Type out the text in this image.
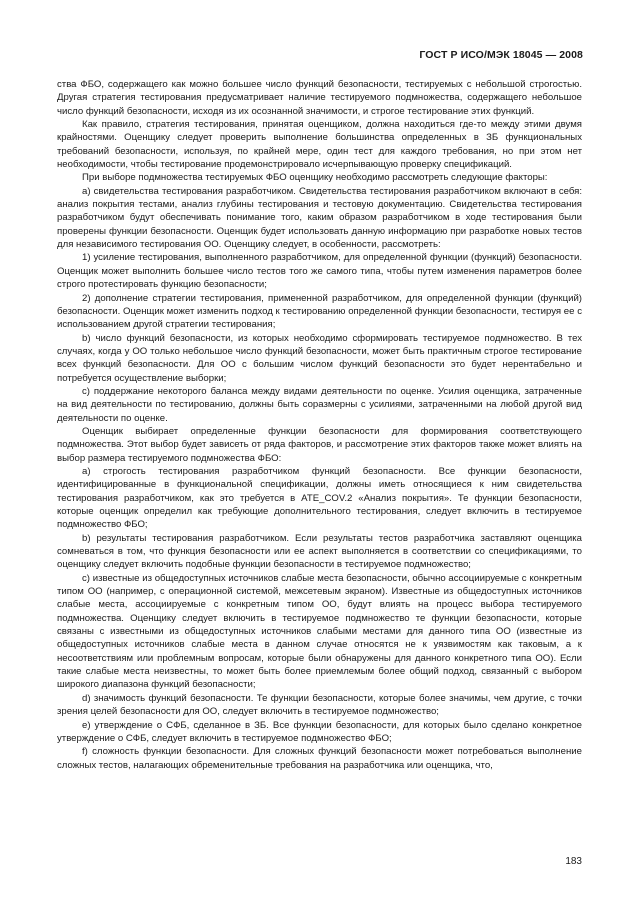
ГОСТ Р ИСО/МЭК 18045 — 2008

ства ФБО, содержащего как можно большее число функций безопасности, тестируемых с небольшой строгостью. Другая стратегия тестирования предусматривает наличие тестируемого подмножества, содержащего небольшое число функций безопасности, исходя из их осознанной значимости, и строгое тестирование этих функций.

Как правило, стратегия тестирования, принятая оценщиком, должна находиться где-то между этими двумя крайностями. Оценщику следует проверить выполнение большинства определенных в ЗБ функциональных требований безопасности, используя, по крайней мере, один тест для каждого требования, но при этом нет необходимости, чтобы тестирование продемонстрировало исчерпывающую проверку спецификаций.

При выборе подмножества тестируемых ФБО оценщику необходимо рассмотреть следующие факторы:

а) свидетельства тестирования разработчиком. Свидетельства тестирования разработчиком включают в себя: анализ покрытия тестами, анализ глубины тестирования и тестовую документацию. Свидетельства тестирования разработчиком будут обеспечивать понимание того, каким образом разработчиком в ходе тестирования были проверены функции безопасности. Оценщик будет использовать данную информацию при разработке новых тестов для независимого тестирования ОО. Оценщику следует, в особенности, рассмотреть:

1) усиление тестирования, выполненного разработчиком, для определенной функции (функций) безопасности. Оценщик может выполнить большее число тестов того же самого типа, чтобы путем изменения параметров более строго протестировать функцию безопасности;

2) дополнение стратегии тестирования, примененной разработчиком, для определенной функции (функций) безопасности. Оценщик может изменить подход к тестированию определенной функции безопасности, тестируя ее с использованием другой стратегии тестирования;

b) число функций безопасности, из которых необходимо сформировать тестируемое подмножество. В тех случаях, когда у ОО только небольшое число функций безопасности, может быть практичным строгое тестирование всех функций безопасности. Для ОО с большим числом функций безопасности это будет нерентабельно и потребуется осуществление выборки;

c) поддержание некоторого баланса между видами деятельности по оценке. Усилия оценщика, затраченные на вид деятельности по тестированию, должны быть соразмерны с усилиями, затраченными на любой другой вид деятельности по оценке.

Оценщик выбирает определенные функции безопасности для формирования соответствующего подмножества. Этот выбор будет зависеть от ряда факторов, и рассмотрение этих факторов также может влиять на выбор размера тестируемого подмножества ФБО:

а) строгость тестирования разработчиком функций безопасности. Все функции безопасности, идентифицированные в функциональной спецификации, должны иметь относящиеся к ним свидетельства тестирования разработчиком, как это требуется в ATE_COV.2 «Анализ покрытия». Те функции безопасности, которые оценщик определил как требующие дополнительного тестирования, следует включить в тестируемое подмножество ФБО;

b) результаты тестирования разработчиком. Если результаты тестов разработчика заставляют оценщика сомневаться в том, что функция безопасности или ее аспект выполняется в соответствии со спецификациями, то оценщику следует включить подобные функции безопасности в тестируемое подмножество;

c) известные из общедоступных источников слабые места безопасности, обычно ассоциируемые с конкретным типом ОО (например, с операционной системой, межсетевым экраном). Известные из общедоступных источников слабые места, ассоциируемые с конкретным типом ОО, будут влиять на процесс выбора тестируемого подмножества. Оценщику следует включить в тестируемое подмножество те функции безопасности, которые связаны с известными из общедоступных источников слабыми местами для данного типа ОО (известные из общедоступных источников слабые места в данном случае относятся не к уязвимостям как таковым, а к несоответствиям или проблемным вопросам, которые были обнаружены для данного конкретного типа ОО). Если такие слабые места неизвестны, то может быть более приемлемым более общий подход, связанный с выбором широкого диапазона функций безопасности;

d) значимость функций безопасности. Те функции безопасности, которые более значимы, чем другие, с точки зрения целей безопасности для ОО, следует включить в тестируемое подмножество;

е) утверждение о СФБ, сделанное в ЗБ. Все функции безопасности, для которых было сделано конкретное утверждение о СФБ, следует включить в тестируемое подмножество ФБО;

f) сложность функции безопасности. Для сложных функций безопасности может потребоваться выполнение сложных тестов, налагающих обременительные требования на разработчика или оценщика, что,

183
